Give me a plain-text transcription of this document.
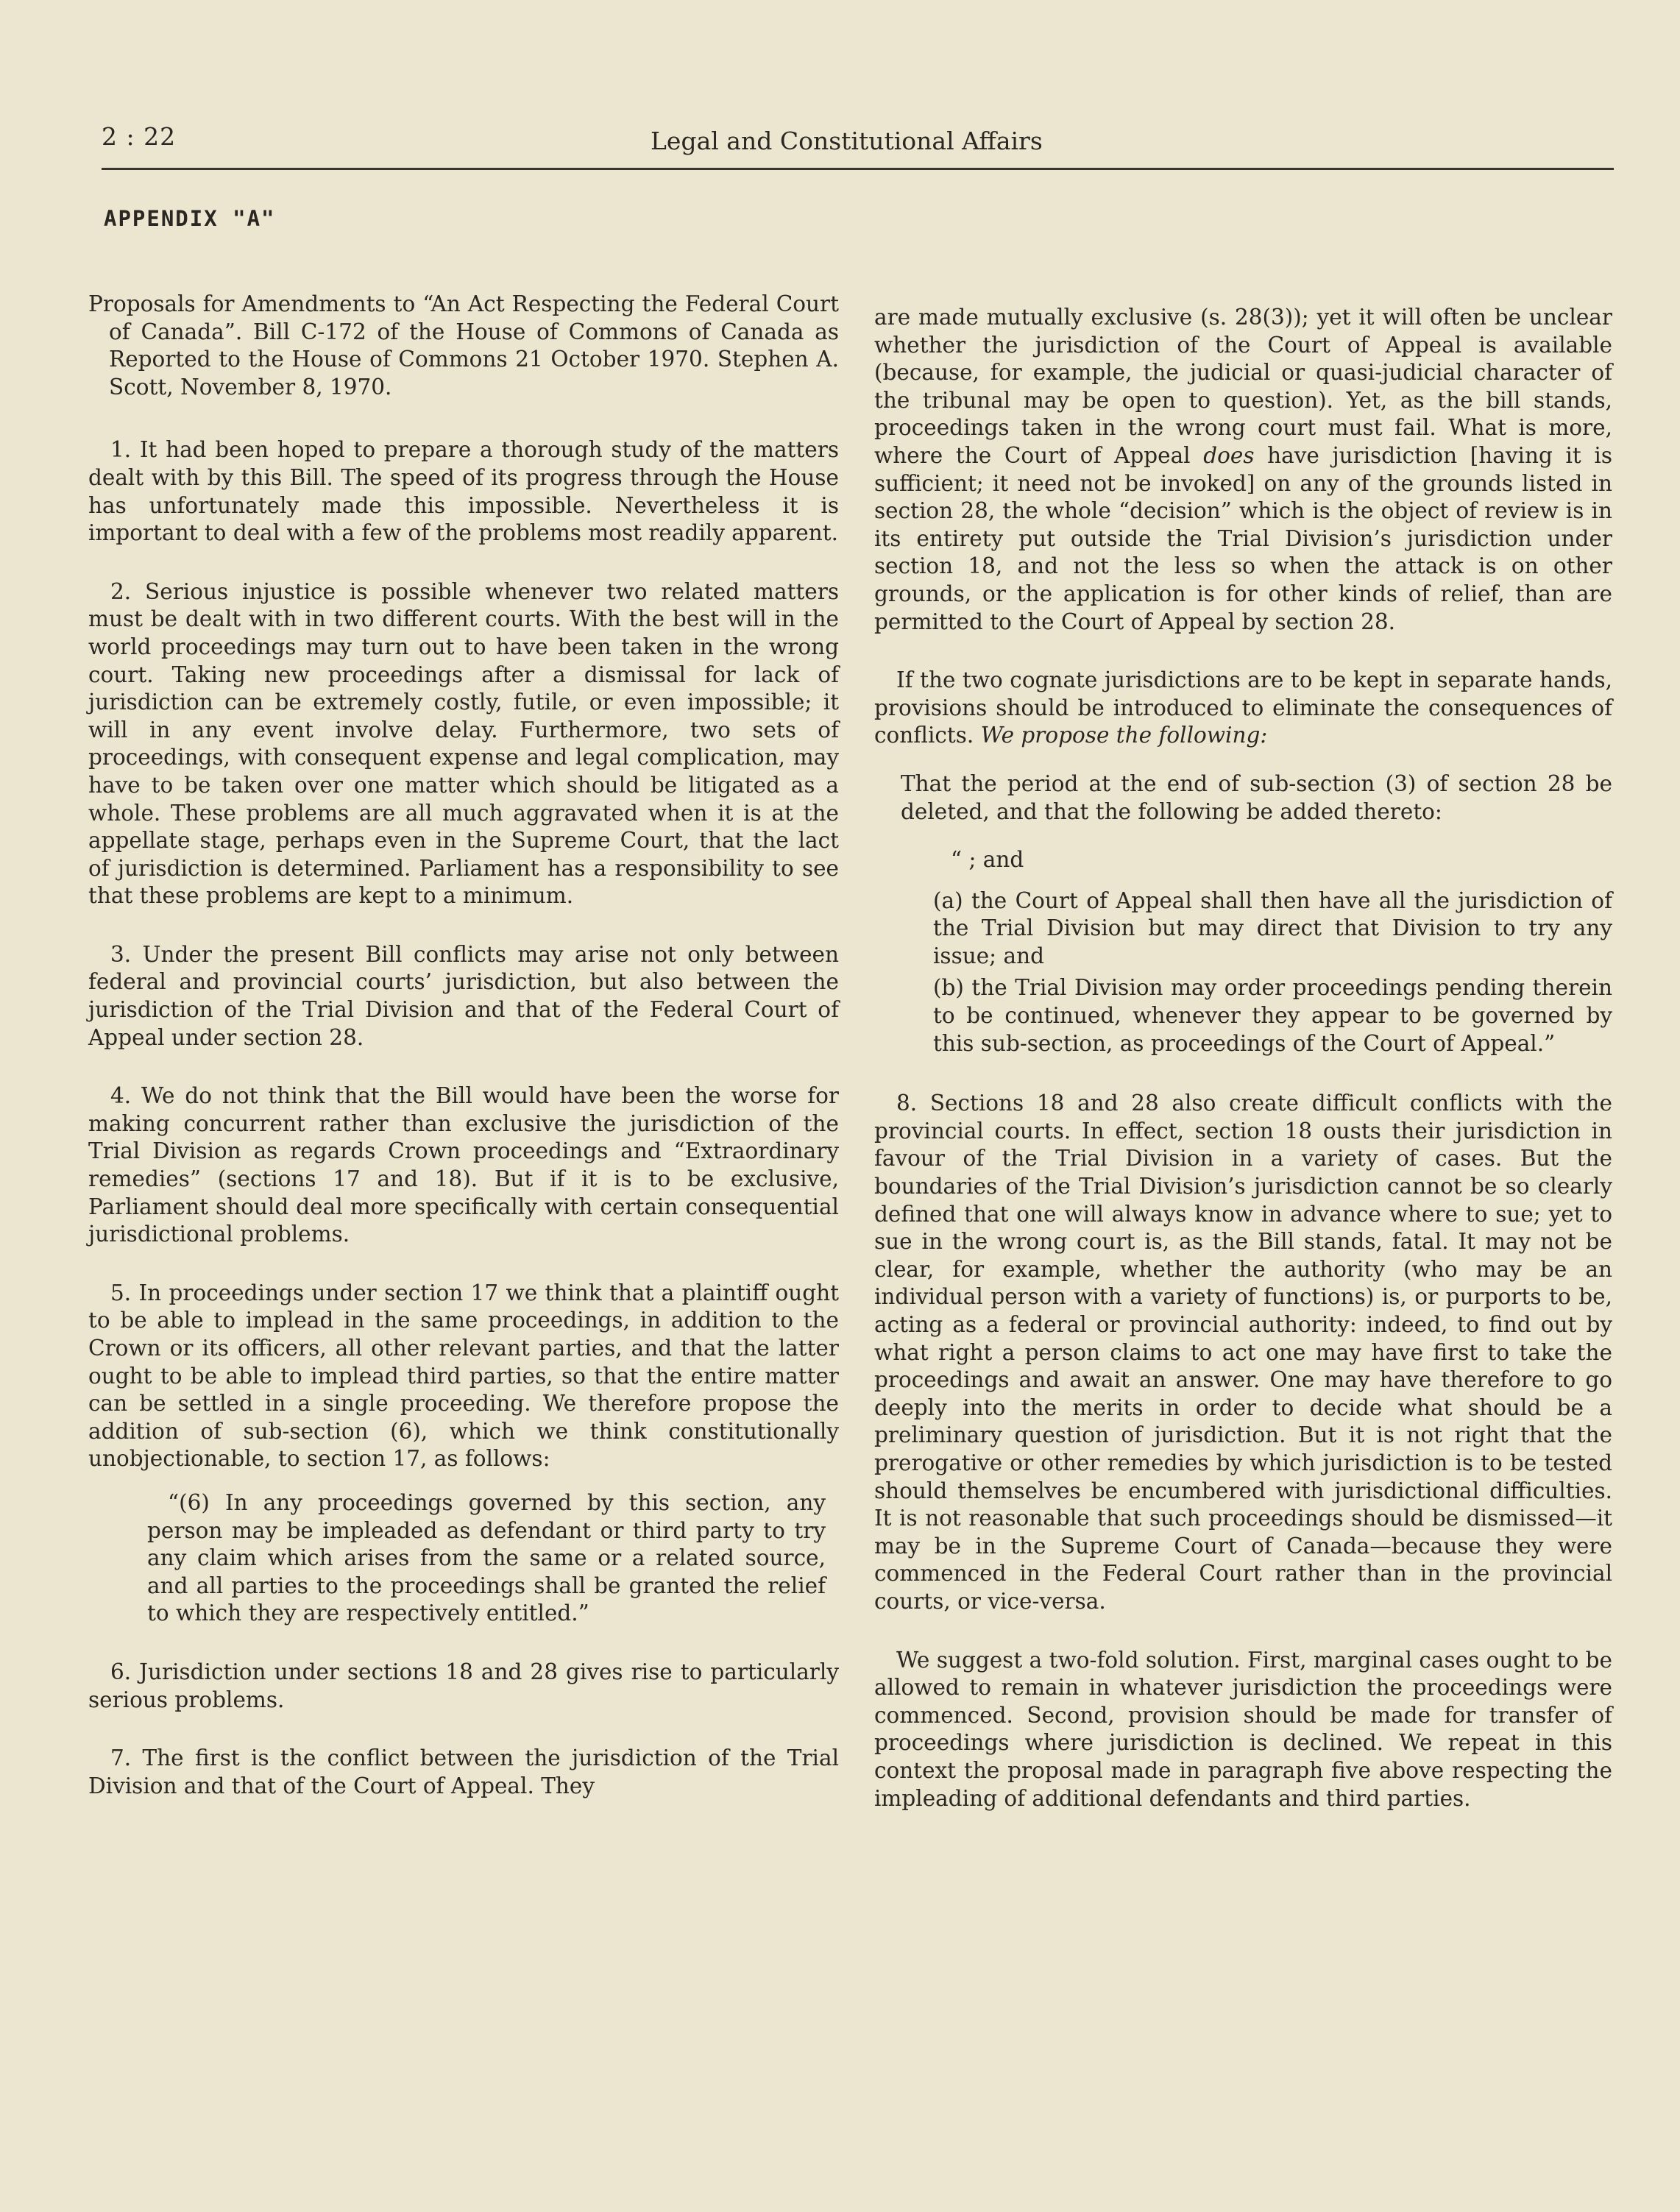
2 : 22	Legal and Constitutional Affairs
APPENDIX "A"

Proposals for Amendments to “An Act Respecting the Federal Court of Canada”. Bill C-172 of the House of Commons of Canada as Reported to the House of Commons 21 October 1970. Stephen A. Scott, November 8, 1970.

1. It had been hoped to prepare a thorough study of the matters dealt with by this Bill. The speed of its progress through the House has unfortunately made this impossible. Nevertheless it is important to deal with a few of the problems most readily apparent.

2. Serious injustice is possible whenever two related matters must be dealt with in two different courts. With the best will in the world proceedings may turn out to have been taken in the wrong court. Taking new proceedings after a dismissal for lack of jurisdiction can be extremely costly, futile, or even impossible; it will in any event involve delay. Furthermore, two sets of proceedings, with consequent expense and legal complication, may have to be taken over one matter which should be litigated as a whole. These problems are all much aggravated when it is at the appellate stage, perhaps even in the Supreme Court, that the lact of jurisdiction is determined. Parliament has a responsibility to see that these problems are kept to a minimum.

3. Under the present Bill conflicts may arise not only between federal and provincial courts’ jurisdiction, but also between the jurisdiction of the Trial Division and that of the Federal Court of Appeal under section 28.

4. We do not think that the Bill would have been the worse for making concurrent rather than exclusive the jurisdiction of the Trial Division as regards Crown proceedings and “Extraordinary remedies” (sections 17 and 18). But if it is to be exclusive, Parliament should deal more specifically with certain consequential jurisdictional problems.

5. In proceedings under section 17 we think that a plaintiff ought to be able to implead in the same proceedings, in addition to the Crown or its officers, all other relevant parties, and that the latter ought to be able to implead third parties, so that the entire matter can be settled in a single proceeding. We therefore propose the addition of sub-section (6), which we think constitutionally unobjectionable, to section 17, as follows:

“(6) In any proceedings governed by this section, any person may be impleaded as defendant or third party to try any claim which arises from the same or a related source, and all parties to the proceedings shall be granted the relief to which they are respectively entitled.”

6. Jurisdiction under sections 18 and 28 gives rise to particularly serious problems.

7. The first is the conflict between the jurisdiction of the Trial Division and that of the Court of Appeal. They

are made mutually exclusive (s. 28(3)); yet it will often be unclear whether the jurisdiction of the Court of Appeal is available (because, for example, the judicial or quasi-judicial character of the tribunal may be open to question). Yet, as the bill stands, proceedings taken in the wrong court must fail. What is more, where the Court of Appeal does have jurisdiction [having it is sufficient; it need not be invoked] on any of the grounds listed in section 28, the whole “decision” which is the object of review is in its entirety put outside the Trial Division’s jurisdiction under section 18, and not the less so when the attack is on other grounds, or the application is for other kinds of relief, than are permitted to the Court of Appeal by section 28.

If the two cognate jurisdictions are to be kept in separate hands, provisions should be introduced to eliminate the consequences of conflicts. We propose the following:

That the period at the end of sub-section (3) of section 28 be deleted, and that the following be added thereto:

“ ; and

(a) the Court of Appeal shall then have all the jurisdiction of the Trial Division but may direct that Division to try any issue; and

(b) the Trial Division may order proceedings pending therein to be continued, whenever they appear to be governed by this sub-section, as proceedings of the Court of Appeal.”

8. Sections 18 and 28 also create difficult conflicts with the provincial courts. In effect, section 18 ousts their jurisdiction in favour of the Trial Division in a variety of cases. But the boundaries of the Trial Division’s jurisdiction cannot be so clearly defined that one will always know in advance where to sue; yet to sue in the wrong court is, as the Bill stands, fatal. It may not be clear, for example, whether the authority (who may be an individual person with a variety of functions) is, or purports to be, acting as a federal or provincial authority: indeed, to find out by what right a person claims to act one may have first to take the proceedings and await an answer. One may have therefore to go deeply into the merits in order to decide what should be a preliminary question of jurisdiction. But it is not right that the prerogative or other remedies by which jurisdiction is to be tested should themselves be encumbered with jurisdictional difficulties. It is not reasonable that such proceedings should be dismissed—it may be in the Supreme Court of Canada—because they were commenced in the Federal Court rather than in the provincial courts, or vice-versa.

We suggest a two-fold solution. First, marginal cases ought to be allowed to remain in whatever jurisdiction the proceedings were commenced. Second, provision should be made for transfer of proceedings where jurisdiction is declined. We repeat in this context the proposal made in paragraph five above respecting the impleading of additional defendants and third parties.
